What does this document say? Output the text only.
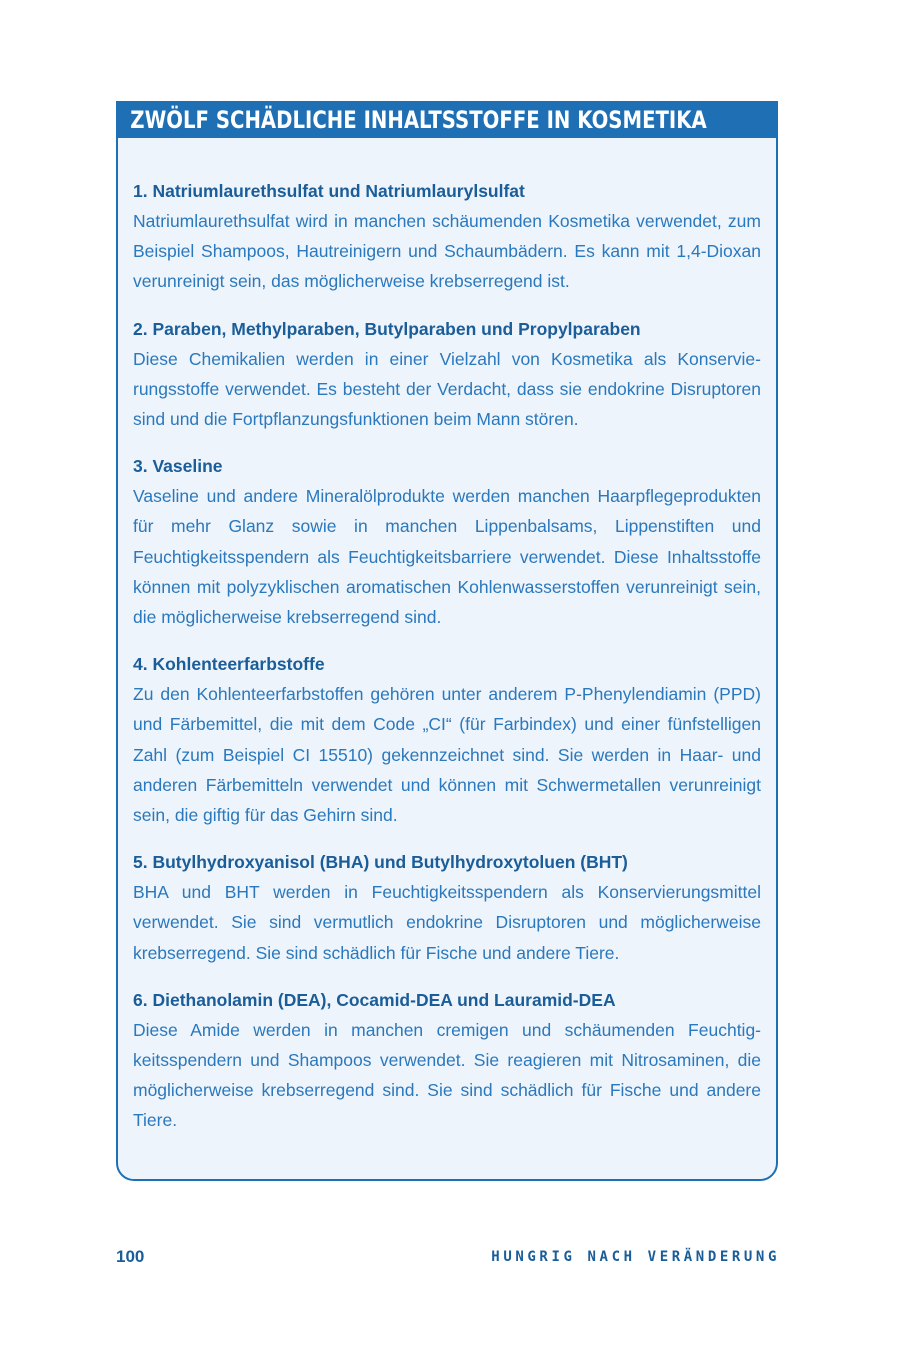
ZWÖLF SCHÄDLICHE INHALTSSTOFFE IN KOSMETIKA
1. Natriumlaurethsulfat und Natriumlaurylsulfat
Natriumlaurethsulfat wird in manchen schäumenden Kosmetika verwendet, zum Beispiel Shampoos, Hautreinigern und Schaumbädern. Es kann mit 1,4-Dioxan verunreinigt sein, das möglicherweise krebserregend ist.
2. Paraben, Methylparaben, Butylparaben und Propylparaben
Diese Chemikalien werden in einer Vielzahl von Kosmetika als Konservierungsstoffe verwendet. Es besteht der Verdacht, dass sie endokrine Disruptoren sind und die Fortpflanzungsfunktionen beim Mann stören.
3. Vaseline
Vaseline und andere Mineralölprodukte werden manchen Haarpflegeprodukten für mehr Glanz sowie in manchen Lippenbalsams, Lippenstiften und Feuchtigkeitsspendern als Feuchtigkeitsbarriere verwendet. Diese Inhaltsstoffe können mit polyzyklischen aromatischen Kohlenwasserstoffen verunreinigt sein, die möglicherweise krebserregend sind.
4. Kohlenteerfarbstoffe
Zu den Kohlenteerfarbstoffen gehören unter anderem P-Phenylendiamin (PPD) und Färbemittel, die mit dem Code „CI“ (für Farbindex) und einer fünfstelligen Zahl (zum Beispiel CI 15510) gekennzeichnet sind. Sie werden in Haar- und anderen Färbemitteln verwendet und können mit Schwermetallen verunreinigt sein, die giftig für das Gehirn sind.
5. Butylhydroxyanisol (BHA) und Butylhydroxytoluen (BHT)
BHA und BHT werden in Feuchtigkeitsspendern als Konservierungsmittel verwendet. Sie sind vermutlich endokrine Disruptoren und möglicherweise krebserregend. Sie sind schädlich für Fische und andere Tiere.
6. Diethanolamin (DEA), Cocamid-DEA und Lauramid-DEA
Diese Amide werden in manchen cremigen und schäumenden Feuchtigkeitsspendern und Shampoos verwendet. Sie reagieren mit Nitrosaminen, die möglicherweise krebserregend sind. Sie sind schädlich für Fische und andere Tiere.
100	HUNGRIG NACH VERÄNDERUNG
